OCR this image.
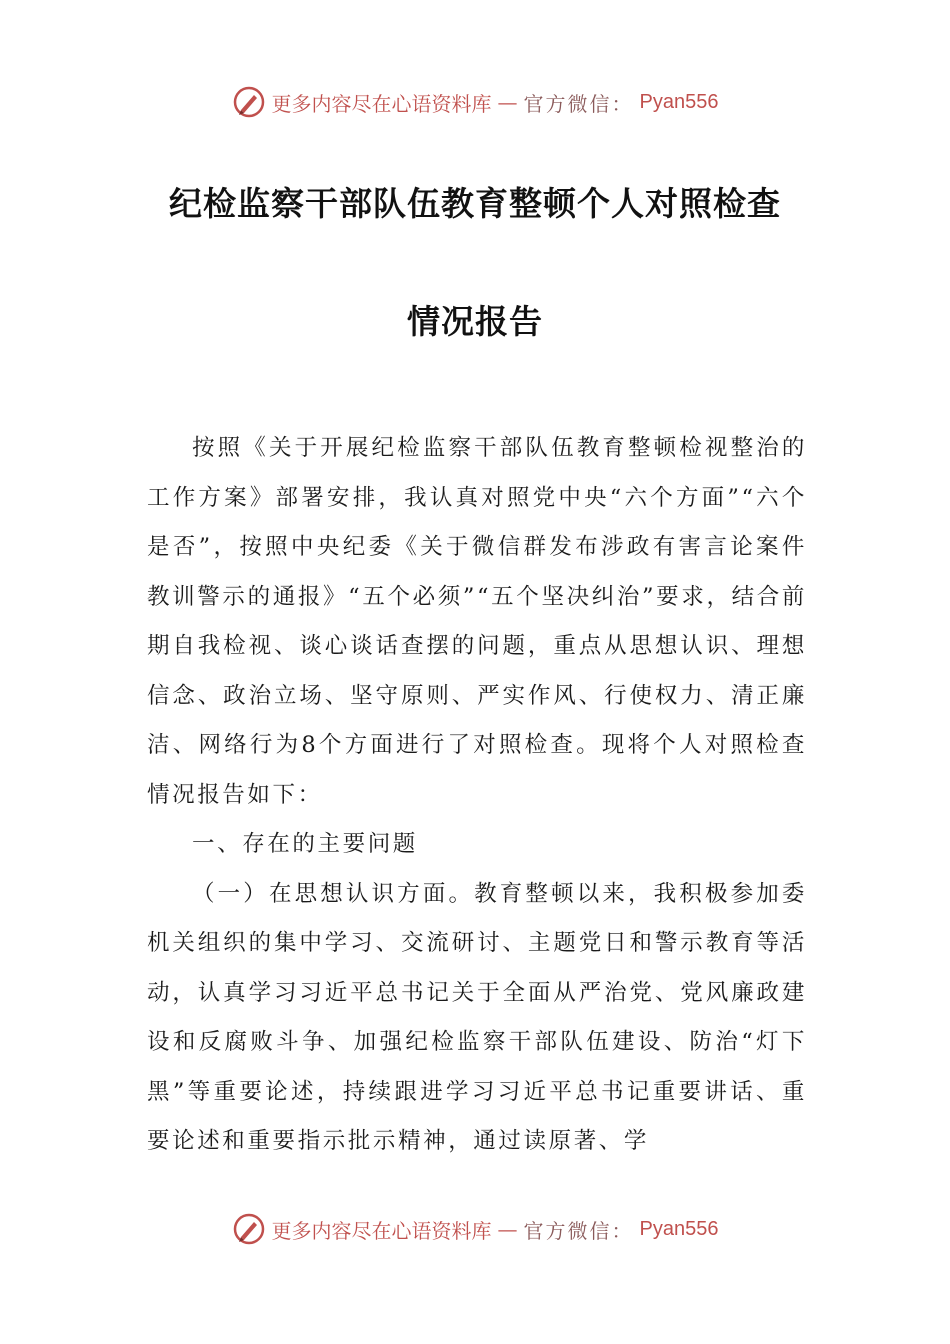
更多内容尽在心语资料库 — 官方微信： Pyan556
纪检监察干部队伍教育整顿个人对照检查
情况报告

按照《关于开展纪检监察干部队伍教育整顿检视整治的工作方案》部署安排，我认真对照党中央“六个方面”“六个是否”，按照中央纪委《关于微信群发布涉政有害言论案件教训警示的通报》“五个必须”“五个坚决纠治”要求，结合前期自我检视、谈心谈话查摆的问题，重点从思想认识、理想信念、政治立场、坚守原则、严实作风、行使权力、清正廉洁、网络行为8个方面进行了对照检查。现将个人对照检查情况报告如下：

一、存在的主要问题

（一）在思想认识方面。教育整顿以来，我积极参加委机关组织的集中学习、交流研讨、主题党日和警示教育等活动，认真学习习近平总书记关于全面从严治党、党风廉政建设和反腐败斗争、加强纪检监察干部队伍建设、防治“灯下黑”等重要论述，持续跟进学习习近平总书记重要讲话、重要论述和重要指示批示精神，通过读原著、学

更多内容尽在心语资料库 — 官方微信： Pyan556
